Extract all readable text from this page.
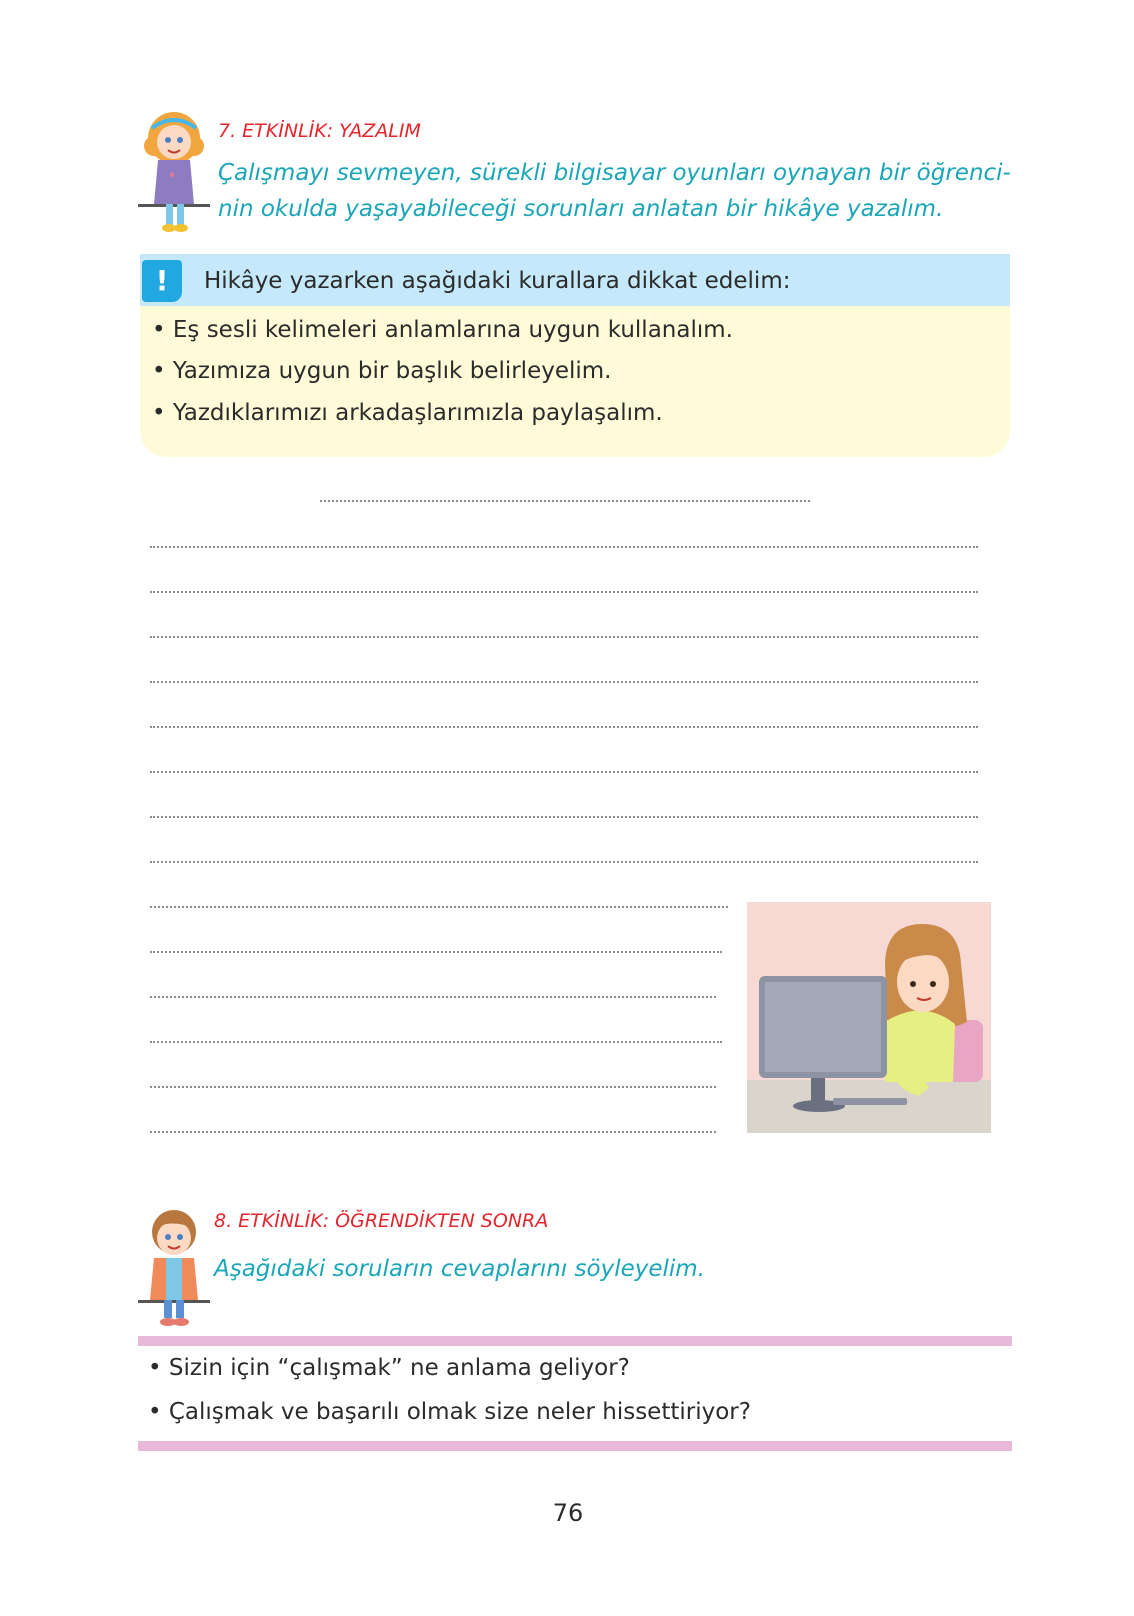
7. ETKİNLİK: YAZALIM
Çalışmayı sevmeyen, sürekli bilgisayar oyunları oynayan bir öğrenci-
nin okulda yaşayabileceği sorunları anlatan bir hikâye yazalım.
!	Hikâye yazarken aşağıdaki kurallara dikkat edelim:
• Eş sesli kelimeleri anlamlarına uygun kullanalım.
• Yazımıza uygun bir başlık belirleyelim.
• Yazdıklarımızı arkadaşlarımızla paylaşalım.
8. ETKİNLİK: ÖĞRENDİKTEN SONRA
Aşağıdaki soruların cevaplarını söyleyelim.
• Sizin için “çalışmak” ne anlama geliyor?
• Çalışmak ve başarılı olmak size neler hissettiriyor?
76
